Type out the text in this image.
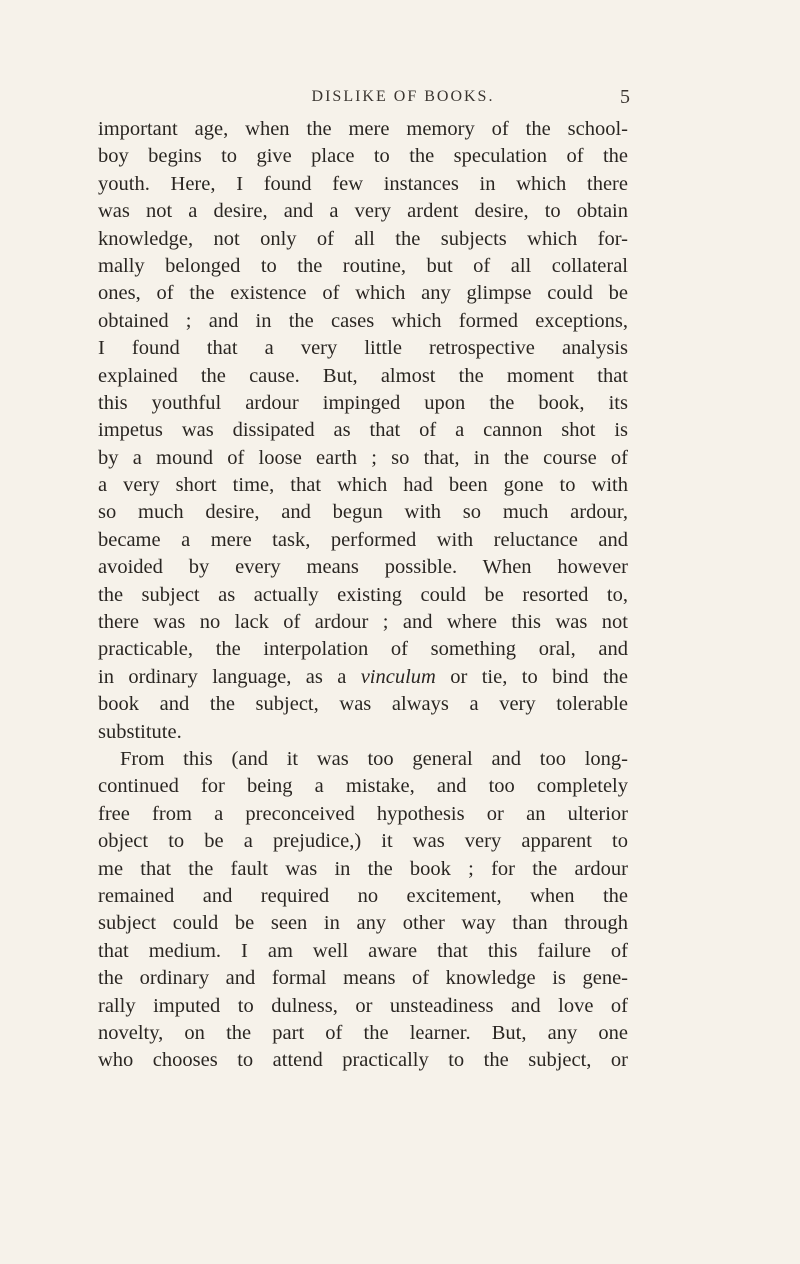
DISLIKE OF BOOKS.	5
important age, when the mere memory of the school-
boy begins to give place to the speculation of the
youth. Here, I found few instances in which there
was not a desire, and a very ardent desire, to obtain
knowledge, not only of all the subjects which for-
mally belonged to the routine, but of all collateral
ones, of the existence of which any glimpse could be
obtained ; and in the cases which formed exceptions,
I found that a very little retrospective analysis
explained the cause. But, almost the moment that
this youthful ardour impinged upon the book, its
impetus was dissipated as that of a cannon shot is
by a mound of loose earth ; so that, in the course of
a very short time, that which had been gone to with
so much desire, and begun with so much ardour,
became a mere task, performed with reluctance and
avoided by every means possible. When however
the subject as actually existing could be resorted to,
there was no lack of ardour ; and where this was not
practicable, the interpolation of something oral, and
in ordinary language, as a vinculum or tie, to bind the
book and the subject, was always a very tolerable
substitute.
From this (and it was too general and too long-
continued for being a mistake, and too completely
free from a preconceived hypothesis or an ulterior
object to be a prejudice,) it was very apparent to
me that the fault was in the book ; for the ardour
remained and required no excitement, when the
subject could be seen in any other way than through
that medium. I am well aware that this failure of
the ordinary and formal means of knowledge is gene-
rally imputed to dulness, or unsteadiness and love of
novelty, on the part of the learner. But, any one
who chooses to attend practically to the subject, or
